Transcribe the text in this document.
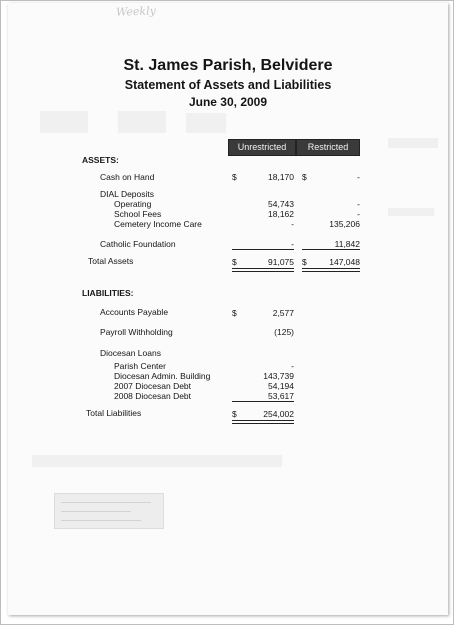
Weekly
St. James Parish, Belvidere
Statement of Assets and Liabilities
June 30, 2009
Unrestricted	Restricted
ASSETS:
Cash on Hand	$	18,170 $	-
DIAL Deposits
Operating	54,743	-
School Fees	18,162	-
Cemetery Income Care	-	135,206
Catholic Foundation	-	11,842
Total Assets	$	91,075 $	147,048
LIABILITIES:
Accounts Payable	$	2,577
Payroll Withholding	(125)
Diocesan Loans
Parish Center	-
Diocesan Admin. Building	143,739
2007 Diocesan Debt	54,194
2008 Diocesan Debt	53,617
Total Liabilities	$	254,002
